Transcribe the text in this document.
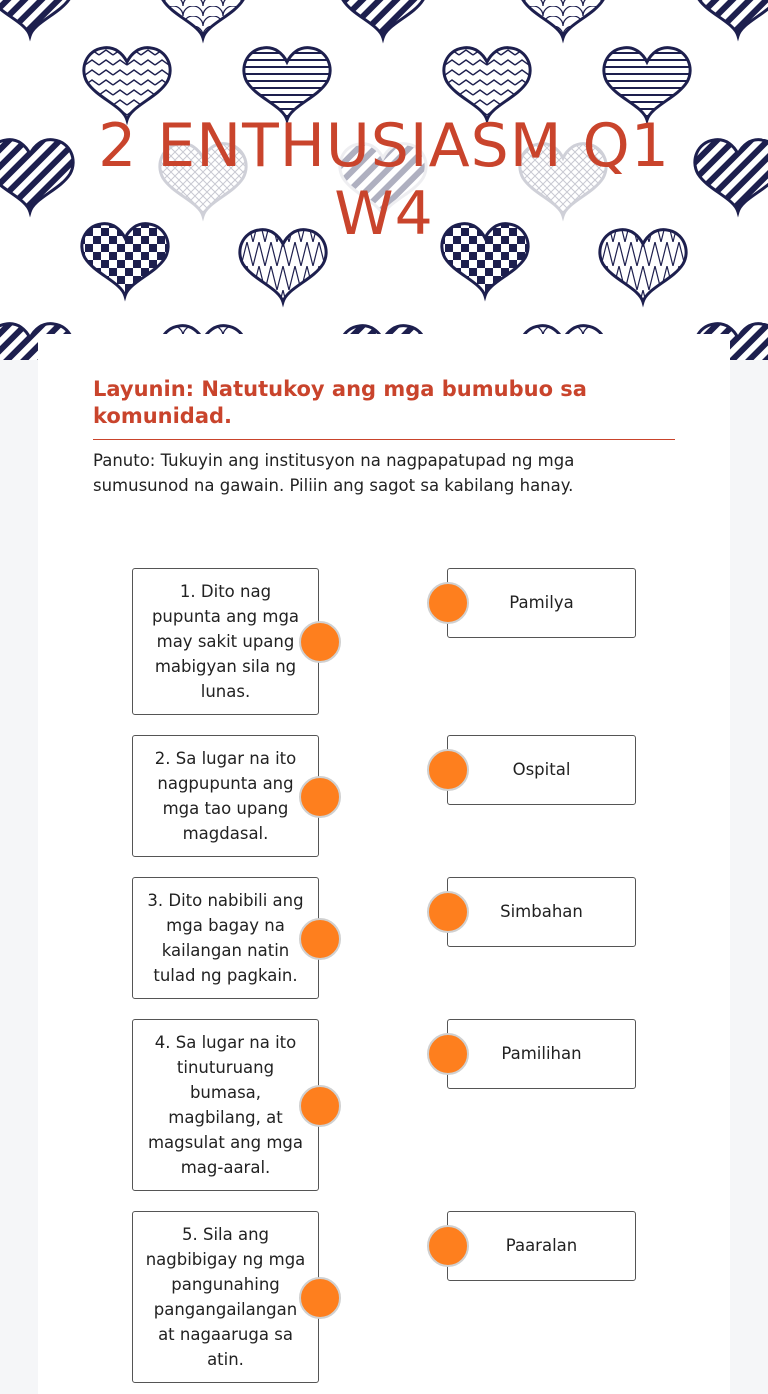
2 ENTHUSIASM Q1 W4
Layunin: Natutukoy ang mga bumubuo sa komunidad.

Panuto: Tukuyin ang institusyon na nagpapatupad ng mga sumusunod na gawain. Piliin ang sagot sa kabilang hanay.

1. Dito nag pupunta ang mga may sakit upang mabigyan sila ng lunas.
2. Sa lugar na ito nagpupunta ang mga tao upang magdasal.
3. Dito nabibili ang mga bagay na kailangan natin tulad ng pagkain.
4. Sa lugar na ito tinuturuang bumasa, magbilang, at magsulat ang mga mag-aaral.
5. Sila ang nagbibigay ng mga pangunahing pangangailangan at nagaaruga sa atin.
Pamilya
Ospital
Simbahan
Pamilihan
Paaralan
